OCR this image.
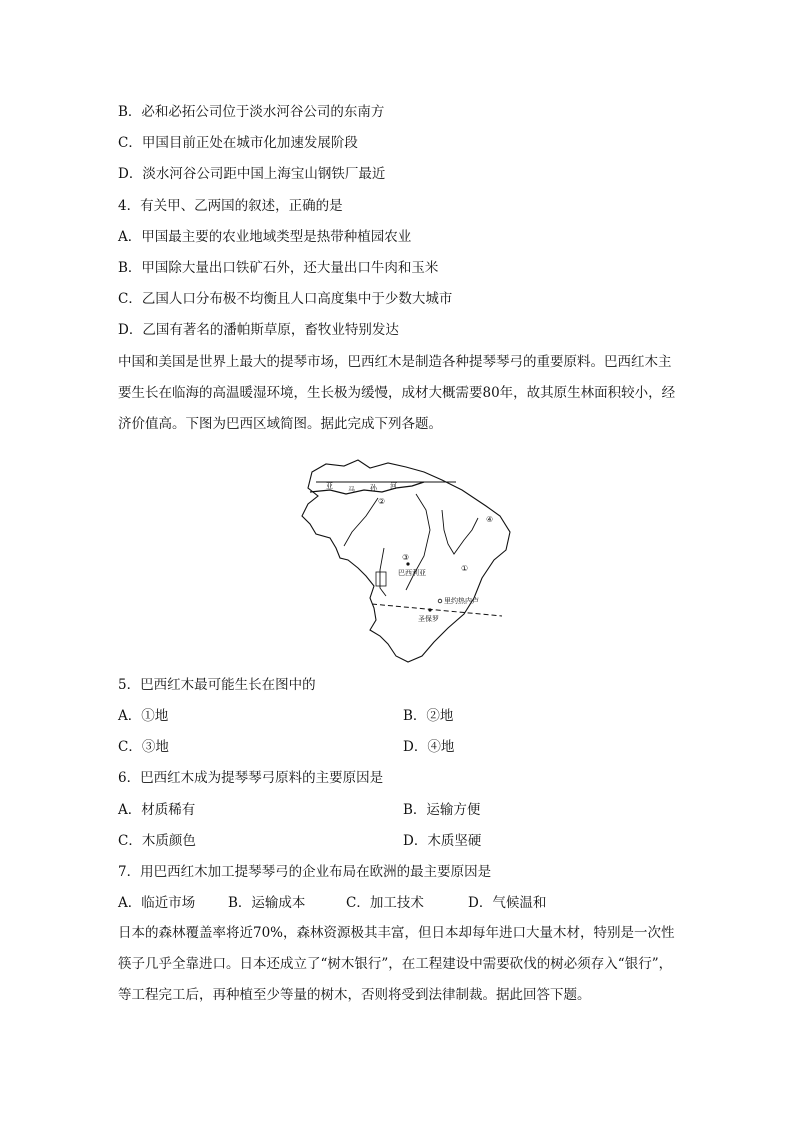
B．必和必拓公司位于淡水河谷公司的东南方
C．甲国目前正处在城市化加速发展阶段
D．淡水河谷公司距中国上海宝山钢铁厂最近
4．有关甲、乙两国的叙述，正确的是
A．甲国最主要的农业地域类型是热带种植园农业
B．甲国除大量出口铁矿石外，还大量出口牛肉和玉米
C．乙国人口分布极不均衡且人口高度集中于少数大城市
D．乙国有著名的潘帕斯草原，畜牧业特别发达
中国和美国是世界上最大的提琴市场，巴西红木是制造各种提琴琴弓的重要原料。巴西红木主要生长在临海的高温暖湿环境，生长极为缓慢，成材大概需要80年，故其原生林面积较小，经济价值高。下图为巴西区域简图。据此完成下列各题。
亚 马 孙 河
②
④
③
①
巴西利亚
里约热内卢
圣保罗
5．巴西红木最可能生长在图中的
A．①地	B．②地
C．③地	D．④地
6．巴西红木成为提琴琴弓原料的主要原因是
A．材质稀有	B．运输方便
C．木质颜色	D．木质坚硬
7．用巴西红木加工提琴琴弓的企业布局在欧洲的最主要原因是
A．临近市场 B．运输成本	C．加工技术	D．气候温和
日本的森林覆盖率将近70%，森林资源极其丰富，但日本却每年进口大量木材，特别是一次性筷子几乎全靠进口。日本还成立了“树木银行”，在工程建设中需要砍伐的树必须存入“银行”，等工程完工后，再种植至少等量的树木，否则将受到法律制裁。据此回答下题。
